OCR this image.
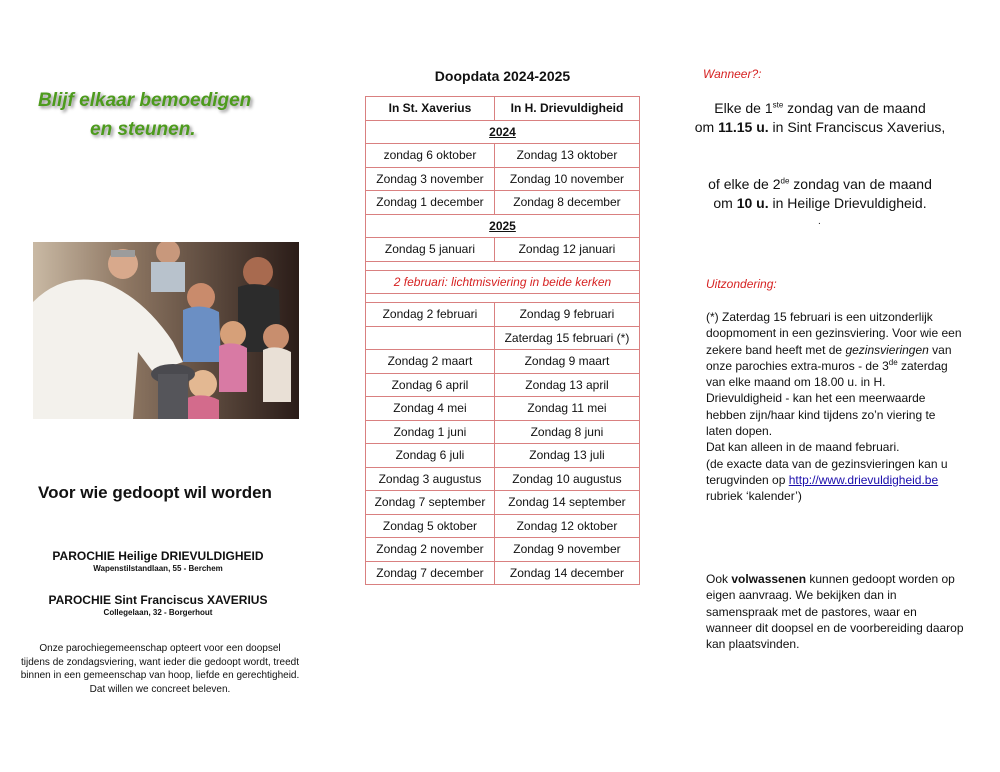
Blijf elkaar bemoedigen
en steunen.
Voor wie gedoopt wil worden
PAROCHIE Heilige DRIEVULDIGHEID
Wapenstilstandlaan, 55 - Berchem
PAROCHIE Sint Franciscus XAVERIUS
Collegelaan, 32 - Borgerhout
Onze parochiegemeenschap opteert voor een doopsel
tijdens de zondagsviering, want ieder die gedoopt wordt, treedt
binnen in een gemeenschap van hoop, liefde en gerechtigheid.
Dat willen we concreet beleven.
Doopdata 2024-2025
In St. Xaverius	In H. Drievuldigheid
2024	
zondag 6 oktober	Zondag 13 oktober
Zondag 3 november	Zondag 10 november
Zondag 1 december	Zondag 8 december
2025	
Zondag 5 januari	Zondag 12 januari

2 februari: lichtmisviering in beide kerken	

Zondag 2 februari	Zondag 9 februari
	Zaterdag 15 februari (*)
Zondag 2 maart	Zondag 9 maart
Zondag 6 april	Zondag 13 april
Zondag 4 mei	Zondag 11 mei
Zondag 1 juni	Zondag 8 juni
Zondag 6 juli	Zondag 13 juli
Zondag 3 augustus	Zondag 10 augustus
Zondag 7 september	Zondag 14 september
Zondag 5 oktober	Zondag 12 oktober
Zondag 2 november	Zondag 9 november
Zondag 7 december	Zondag 14 december
Wanneer?:
Elke de 1ste zondag van de maand
om 11.15 u. in Sint Franciscus Xaverius,
of elke de 2de zondag van de maand
om 10 u. in Heilige Drievuldigheid.
.
Uitzondering:
(*) Zaterdag 15 februari is een uitzonderlijk doopmoment in een gezinsviering. Voor wie een zekere band heeft met de gezinsvieringen van onze parochies extra-muros - de 3de zaterdag van elke maand om 18.00 u. in H. Drievuldigheid - kan het een meerwaarde hebben zijn/haar kind tijdens zo’n viering te laten dopen.
Dat kan alleen in de maand februari.
(de exacte data van de gezinsvieringen kan u terugvinden op http://www.drievuldigheid.be rubriek ‘kalender’)
Ook volwassenen kunnen gedoopt worden op eigen aanvraag. We bekijken dan in samenspraak met de pastores, waar en wanneer dit doopsel en de voorbereiding daarop kan plaatsvinden.
